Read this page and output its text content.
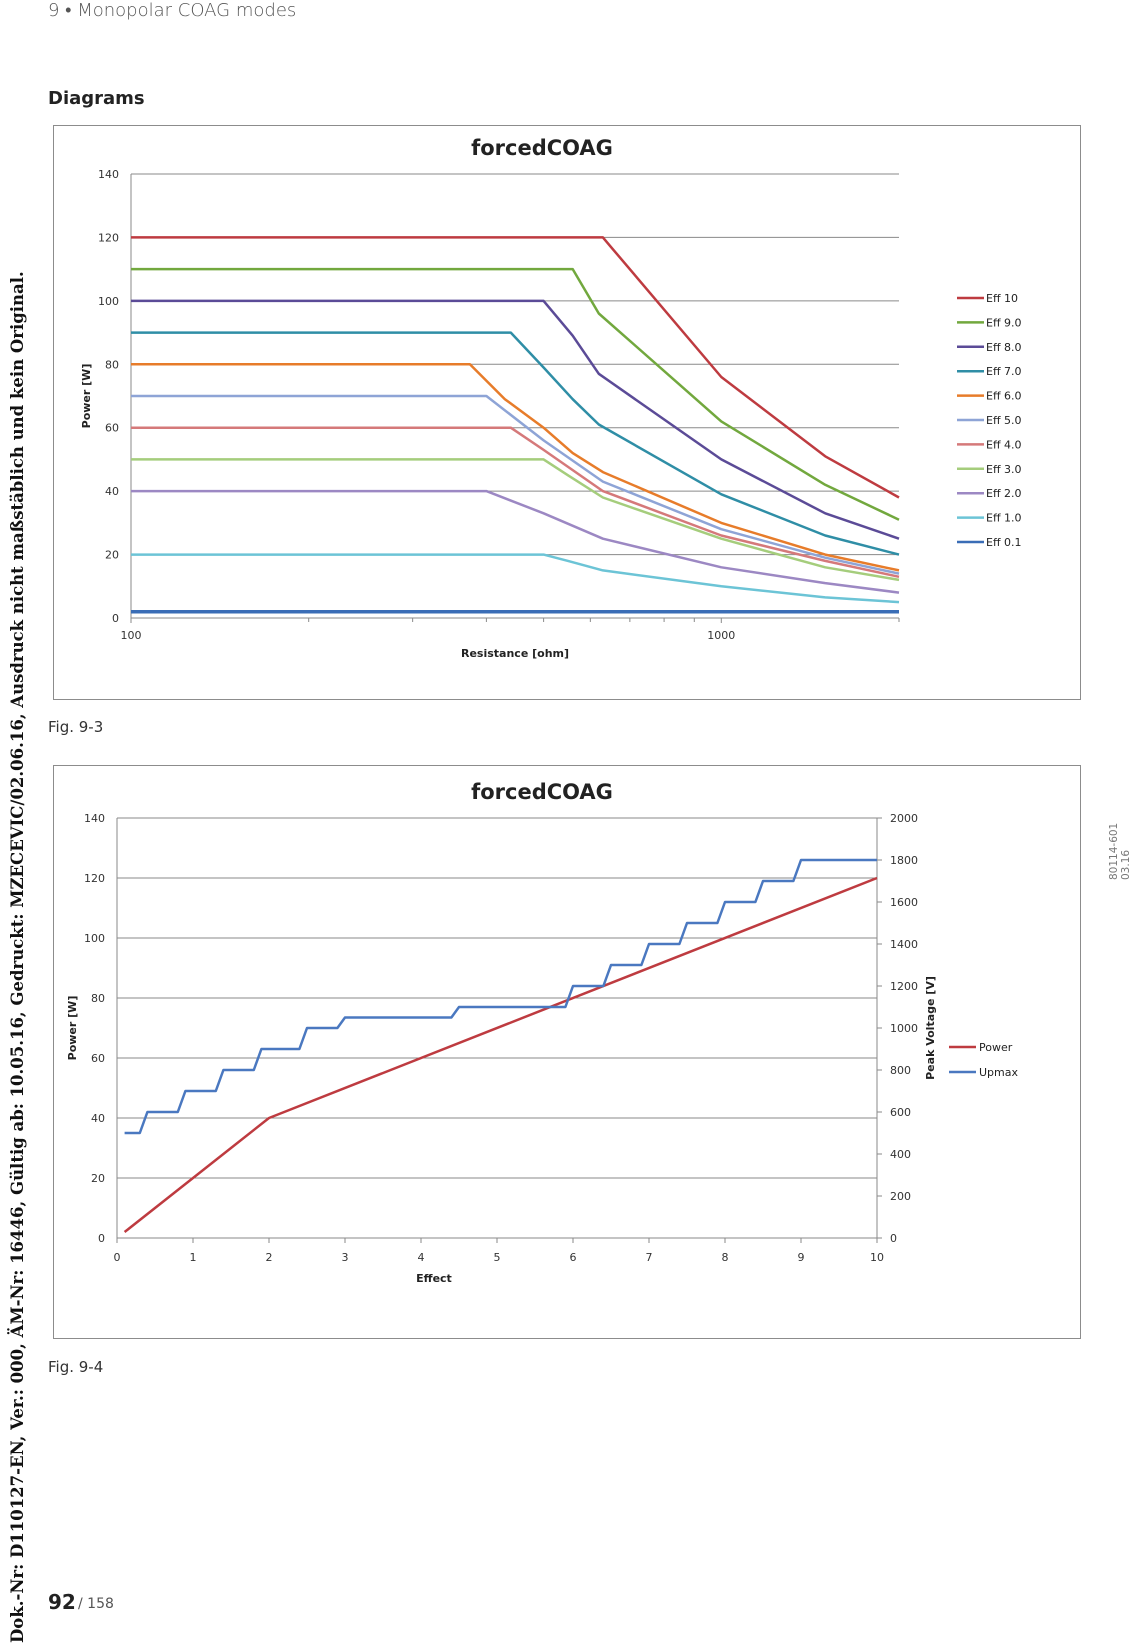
9 • Monopolar COAG modes
Diagrams
forcedCOAG
0
20
40
60
80
100
120
140
100	1000
Resistance [ohm]
Power [W]
Eff 10
Eff 9.0
Eff 8.0
Eff 7.0
Eff 6.0
Eff 5.0
Eff 4.0
Eff 3.0
Eff 2.0
Eff 1.0
Eff 0.1
Fig. 9-3
forcedCOAG
0
20
40
60
80
100
120
140
0
200
400
600
800
1000
1200
1400
1600
1800
2000
0	1	2	3	4	5	6	7	8	9	10
Effect
Power [W]	Peak Voltage [V]	Power
Upmax
Fig. 9-4
Dok.-Nr: D110127-EN, Ver.: 000, ÄM-Nr: 16446, Gültig ab: 10.05.16, Gedruckt: MZECEVIC/02.06.16, Ausdruck nicht maßstäblich und kein Original.	80114-601 03.16
92 / 158
